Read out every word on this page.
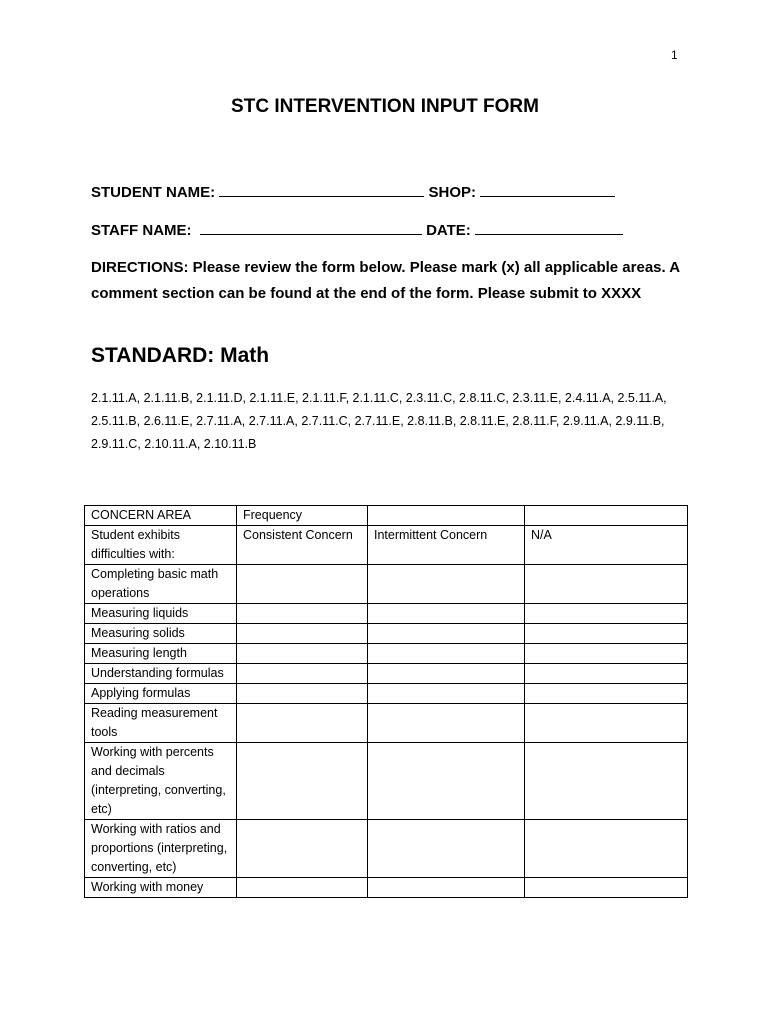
1
STC INTERVENTION INPUT FORM
STUDENT NAME:	SHOP:
STAFF NAME:	DATE:
DIRECTIONS: Please review the form below. Please mark (x) all applicable areas. A comment section can be found at the end of the form. Please submit to XXXX
STANDARD: Math
2.1.11.A, 2.1.11.B, 2.1.11.D, 2.1.11.E, 2.1.11.F, 2.1.11.C, 2.3.11.C, 2.8.11.C, 2.3.11.E, 2.4.11.A, 2.5.11.A, 2.5.11.B, 2.6.11.E, 2.7.11.A, 2.7.11.A, 2.7.11.C, 2.7.11.E, 2.8.11.B, 2.8.11.E, 2.8.11.F, 2.9.11.A, 2.9.11.B, 2.9.11.C, 2.10.11.A, 2.10.11.B
CONCERN AREA	Frequency		
Student exhibits difficulties with:	Consistent Concern	Intermittent Concern	N/A
Completing basic math operations			
Measuring liquids			
Measuring solids			
Measuring length			
Understanding formulas			
Applying formulas			
Reading measurement tools			
Working with percents and decimals (interpreting, converting, etc)			
Working with ratios and proportions (interpreting, converting, etc)			
Working with money			
